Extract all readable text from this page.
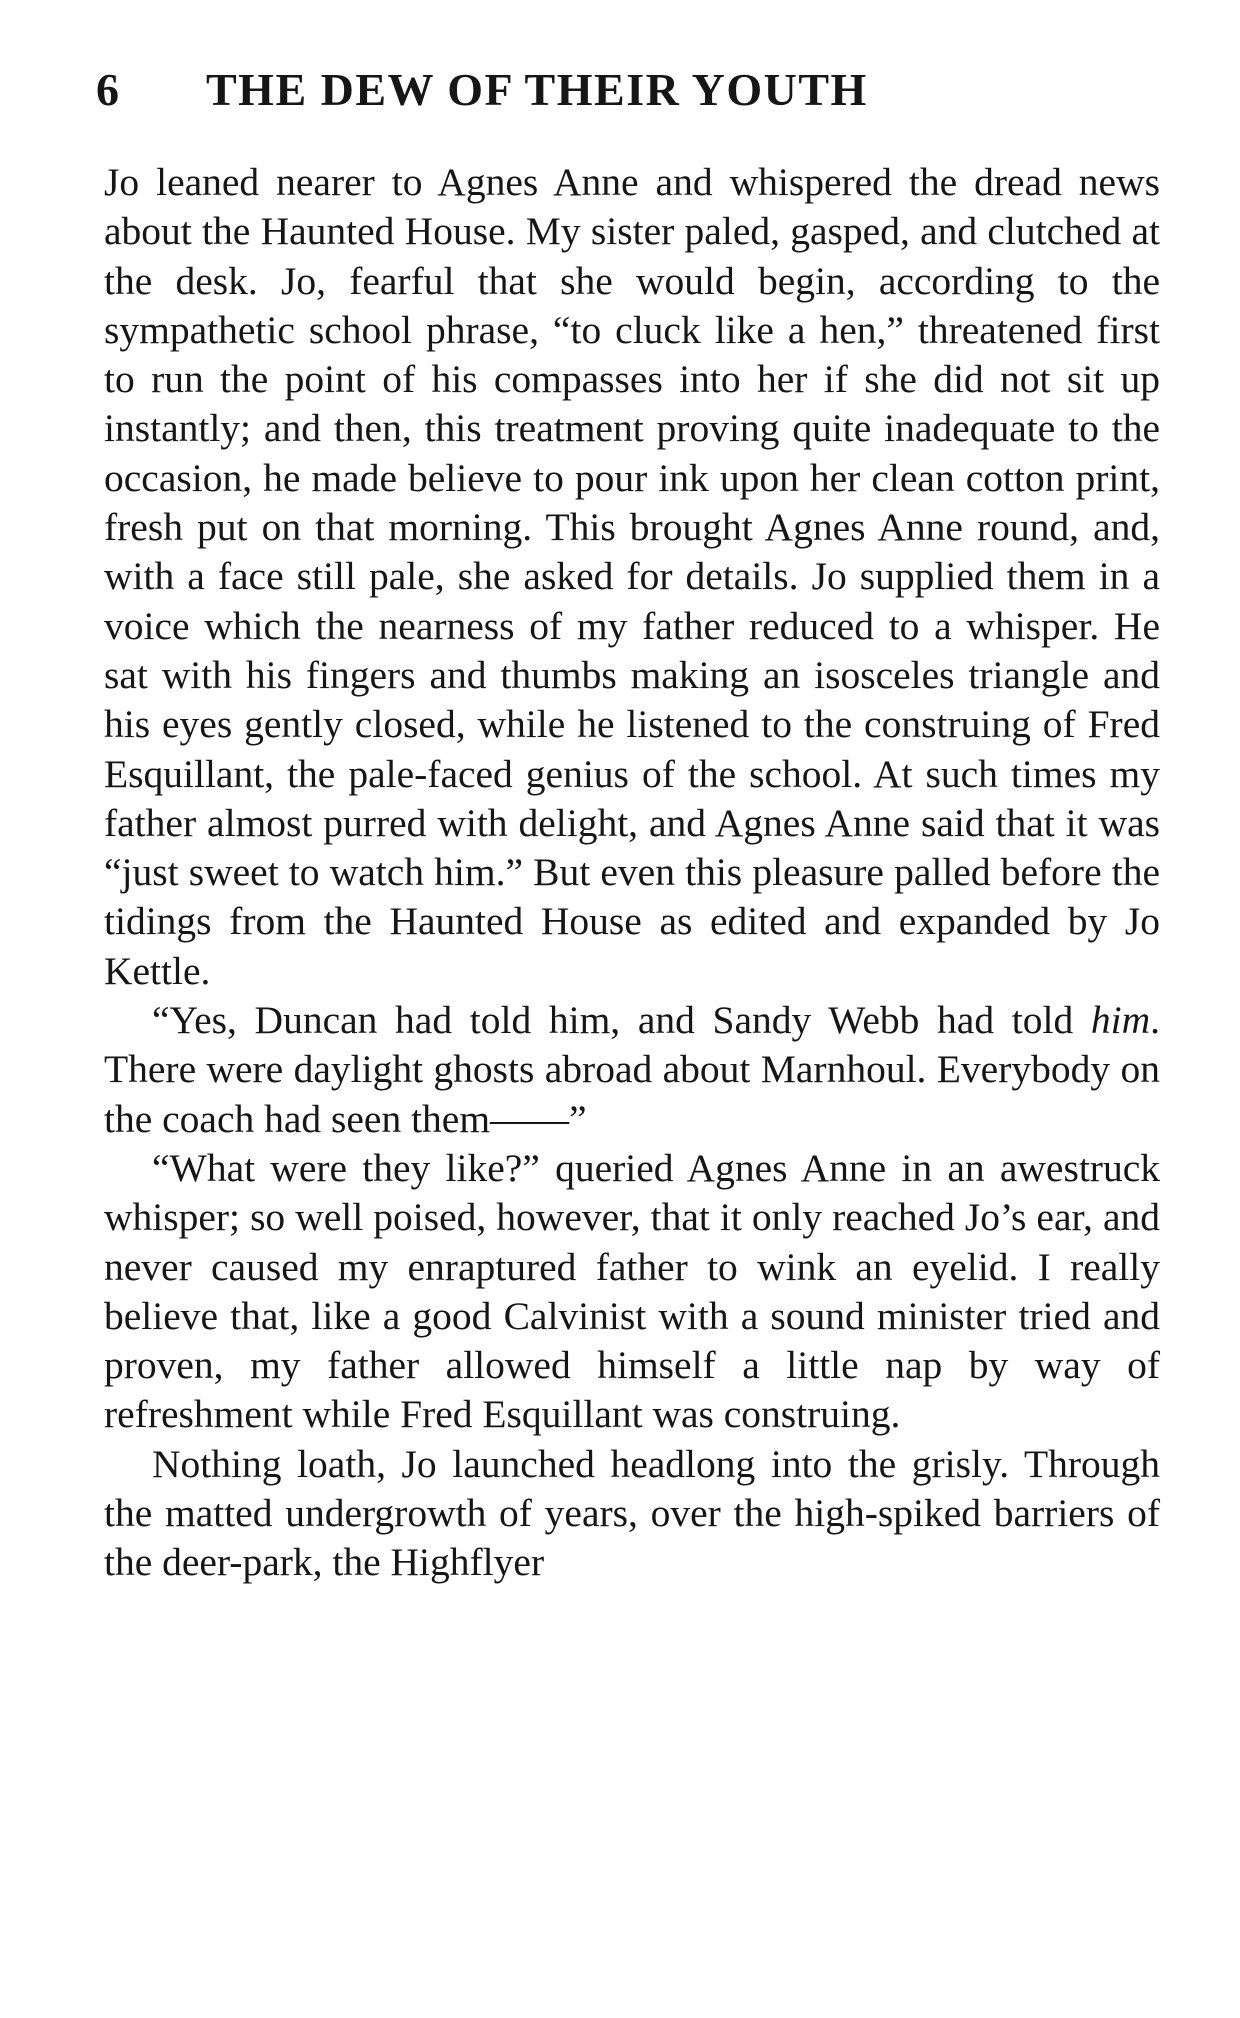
6 THE DEW OF THEIR YOUTH

Jo leaned nearer to Agnes Anne and whispered the dread news about the Haunted House. My sister paled, gasped, and clutched at the desk. Jo, fearful that she would begin, according to the sympathetic school phrase, “to cluck like a hen,” threatened first to run the point of his compasses into her if she did not sit up instantly; and then, this treatment proving quite inadequate to the occasion, he made believe to pour ink upon her clean cotton print, fresh put on that morning. This brought Agnes Anne round, and, with a face still pale, she asked for details. Jo supplied them in a voice which the nearness of my father reduced to a whisper. He sat with his fingers and thumbs making an isosceles triangle and his eyes gently closed, while he listened to the construing of Fred Esquillant, the pale-faced genius of the school. At such times my father almost purred with delight, and Agnes Anne said that it was “just sweet to watch him.” But even this pleasure palled before the tidings from the Haunted House as edited and expanded by Jo Kettle.

“Yes, Duncan had told him, and Sandy Webb had told him. There were daylight ghosts abroad about Marnhoul. Everybody on the coach had seen them——”

“What were they like?” queried Agnes Anne in an awestruck whisper; so well poised, however, that it only reached Jo’s ear, and never caused my enraptured father to wink an eyelid. I really believe that, like a good Calvinist with a sound minister tried and proven, my father allowed himself a little nap by way of refreshment while Fred Esquillant was construing.

Nothing loath, Jo launched headlong into the grisly. Through the matted undergrowth of years, over the high-spiked barriers of the deer-park, the Highflyer
